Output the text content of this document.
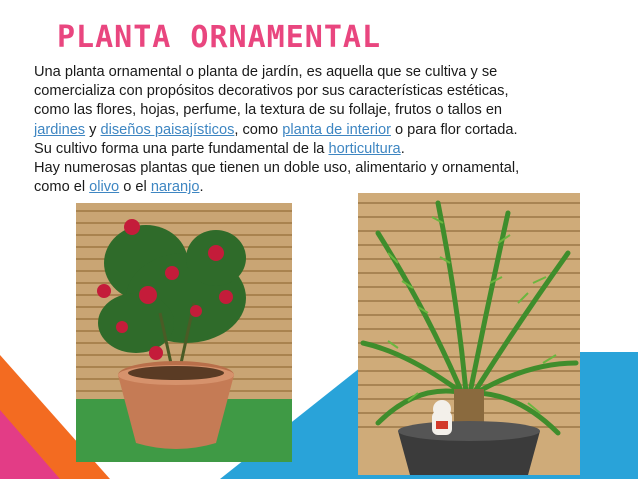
PLANTA ORNAMENTAL

Una planta ornamental o planta de jardín, es aquella que se cultiva y se comercializa con propósitos decorativos por sus características estéticas, como las flores, hojas, perfume, la textura de su follaje, frutos o tallos en jardines y diseños paisajísticos, como planta de interior o para flor cortada. Su cultivo forma una parte fundamental de la horticultura.

Hay numerosas plantas que tienen un doble uso, alimentario y ornamental, como el olivo o el naranjo.
